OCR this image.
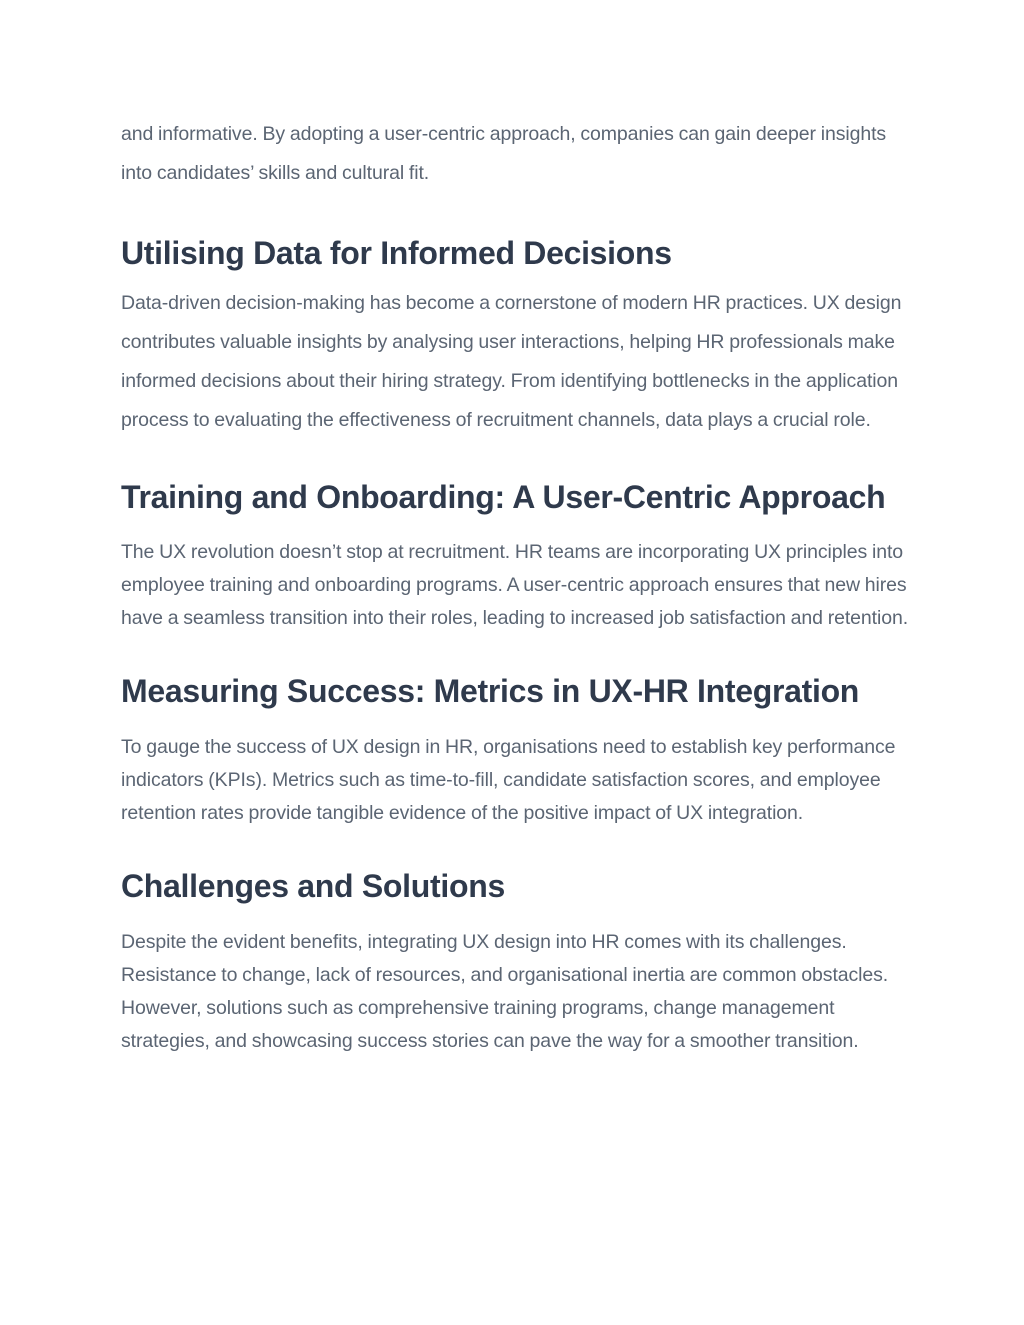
and informative. By adopting a user-centric approach, companies can gain deeper insights into candidates’ skills and cultural fit.

Utilising Data for Informed Decisions

Data-driven decision-making has become a cornerstone of modern HR practices. UX design contributes valuable insights by analysing user interactions, helping HR professionals make informed decisions about their hiring strategy. From identifying bottlenecks in the application process to evaluating the effectiveness of recruitment channels, data plays a crucial role.

Training and Onboarding: A User-Centric Approach

The UX revolution doesn’t stop at recruitment. HR teams are incorporating UX principles into employee training and onboarding programs. A user-centric approach ensures that new hires have a seamless transition into their roles, leading to increased job satisfaction and retention.

Measuring Success: Metrics in UX-HR Integration

To gauge the success of UX design in HR, organisations need to establish key performance indicators (KPIs). Metrics such as time-to-fill, candidate satisfaction scores, and employee retention rates provide tangible evidence of the positive impact of UX integration.

Challenges and Solutions

Despite the evident benefits, integrating UX design into HR comes with its challenges. Resistance to change, lack of resources, and organisational inertia are common obstacles. However, solutions such as comprehensive training programs, change management strategies, and showcasing success stories can pave the way for a smoother transition.
